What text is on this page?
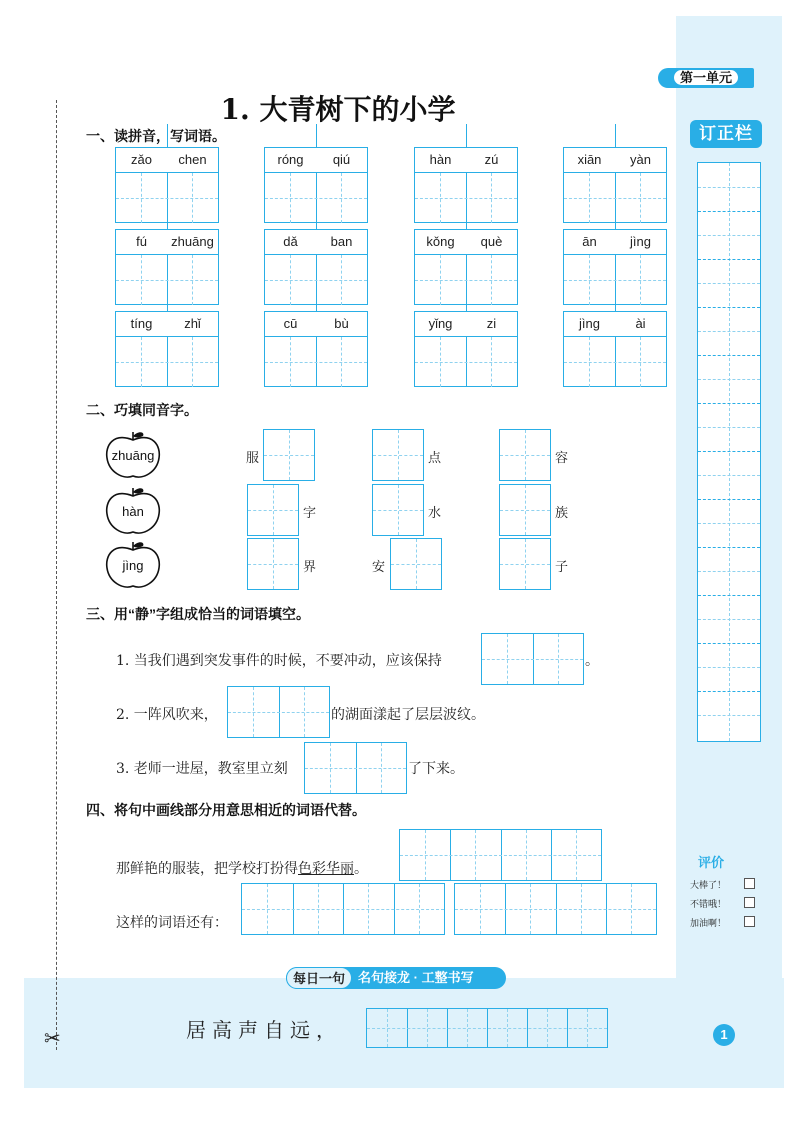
第一单元
订正栏
✂
1. 大青树下的小学
一、读拼音，写词语。
zǎo	chen	róng	qiú	hàn	zú	xiān	yàn
fú	zhuāng	dǎ	ban	kǒng	què	ān	jìng
tíng	zhǐ	cū	bù	yǐng	zi	jìng	ài
二、巧填同音字。
zhuāng
hàn
jìng
服	点	容
字	水	族
界	安	子
三、用“静”字组成恰当的词语填空。
1. 当我们遇到突发事件的时候，不要冲动，应该保持	。
2. 一阵风吹来，	的湖面漾起了层层波纹。
3. 老师一进屋，教室里立刻	了下来。
四、将句中画线部分用意思相近的词语代替。
那鲜艳的服装，把学校打扮得色彩华丽。
这样的词语还有：
每日一句	名句接龙 · 工整书写
居高声自远，	1
评价
大棒了！
不错哦！
加油啊！
